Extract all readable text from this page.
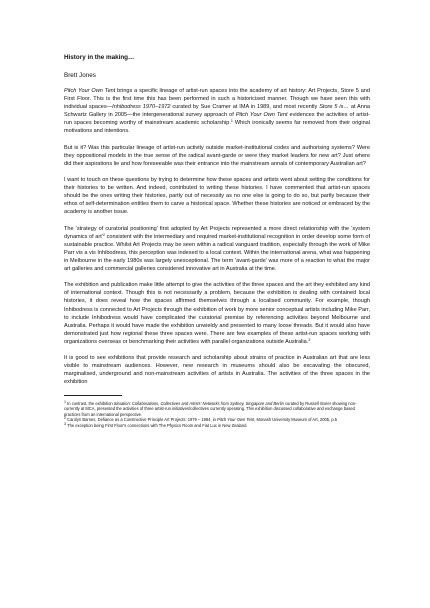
History in the making…
Brett Jones

Pitch Your Own Tent brings a specific lineage of artist-run spaces into the academy of art history: Art Projects, Store 5 and First Floor. This is the first time this has been performed in such a historicised manner. Though we have seen this with individual spaces—Inhibodress 1970–1972 curated by Sue Cramer at IMA in 1989, and most recently Store 5 is… at Anna Schwartz Gallery in 2005—the intergenerational survey approach of Pitch Your Own Tent evidences the activities of artist-run spaces becoming worthy of mainstream academic scholarship.$^1$ Which ironically seems far removed from their original motivations and intentions.

But is it? Was this particular lineage of artist-run activity outside market-institutional codes and authorising systems? Were they oppositional models in the true sense of the radical avant-garde or were they market leaders for new art? Just where did their aspirations lie and how foreseeable was their entrance into the mainstream annals of contemporary Australian art?

I want to touch on these questions by trying to determine how these spaces and artists went about setting the conditions for their histories to be written. And indeed, contributed to writing these histories. I have commented that artist-run spaces should be the ones writing their histories, partly out of necessity as no one else is going to do so, but partly because their ethos of self-determination entitles them to carve a historical space. Whether these histories are noticed or embraced by the academy is another issue.

The ‘strategy of curatorial positioning’ first adopted by Art Projects represented a more direct relationship with the ‘system dynamics of art’$^2$ consistent with the intermediary and required market-institutional recognition in order develop some form of sustainable practice. Whilst Art Projects may be seen within a radical vanguard tradition, especially through the work of Mike Parr vis a vis Inhibodress, this perception was indexed to a local context. Within the international arena, what was happening in Melbourne in the early 1980s was largely unexceptional. The term ‘avant-garde’ was more of a reaction to what the major art galleries and commercial galleries considered innovative art in Australia at the time.

The exhibition and publication make little attempt to give the activities of the three spaces and the art they exhibited any kind of international context. Though this is not necessarily a problem, because the exhibition is dealing with contained local histories, it does reveal how the spaces affirmed themselves through a localised community. For example, though Inhibodress is connected to Art Projects through the exhibition of work by more senior conceptual artists including Mike Parr, to include Inhibodress would have complicated the curatorial premise by referencing activities beyond Melbourne and Australia. Perhaps it would have made the exhibition unwieldy and presented to many loose threads. But it would also have demonstrated just how regional these three spaces were. There are few examples of these artist-run spaces working with organizations overseas or benchmarking their activities with parallel organizations outside Australia.$^3$

It is good to see exhibitions that provide research and scholarship about strains of practice in Australian art that are less visible to mainstream audiences. However, new research in museums should also be excavating the obscured, marginalised, underground and non-mainstream activities of artists in Australia. The activities of the three spaces in the exhibition

$^1$ In contrast, the exhibition Situation: Collaborations, Collectives and Artists' Networks from Sydney, Singapore and Berlin curated by Russell Storer showing non-currently at MCA, presented the activities of three artist-run initiatives/collectives currently operating. This exhibition discussed collaborative and exchange based practices from an international perspective.

$^2$ Carolyn Barnes, Defiance as a Constructive Principle Art Projects: 1979 – 1984, in Pitch Your Own Tent, Monash University Museum of Art, 2005, p.5

$^3$ The exception being First Floor's connections with The Physics Room and Fiat Lux in New Zealand.
